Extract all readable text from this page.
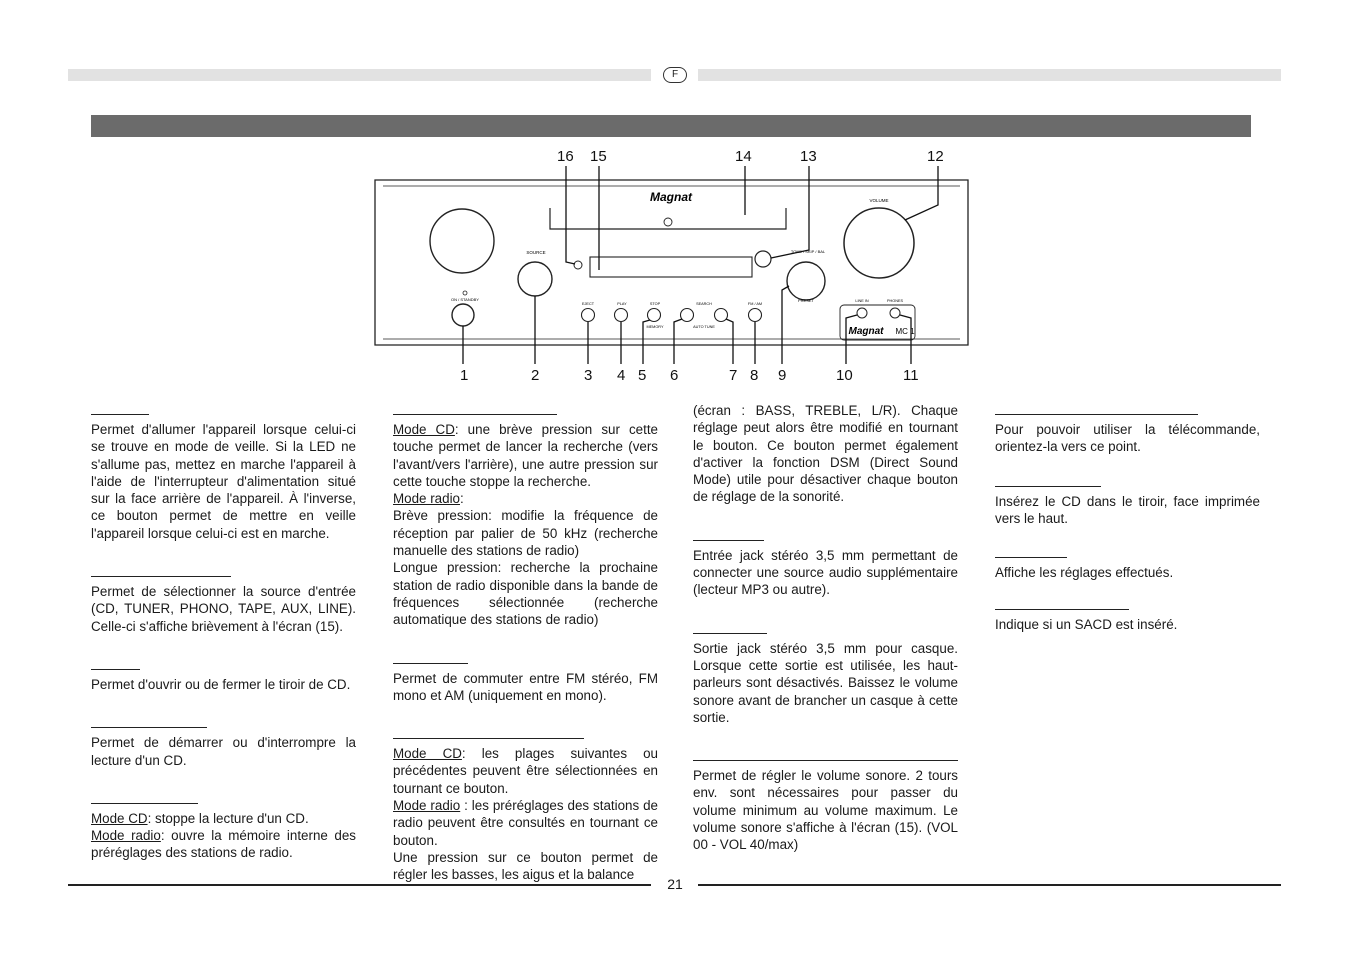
F
16 15	14	13	12
1	2	3 4 5 6	7 8 9	10	11
ON / STANDBY
SOURCE
Magnat
TONE / SKIP / BAL
PRESET
VOLUME
EJECT	PLAY	STOP
MEMORY
SEARCH
AUTO TUNE
FM / AM
LINE IN	PHONES
Magnat MC 1

Permet d'allumer l'appareil lorsque celui-ci se trouve en mode de veille. Si la LED ne s'allume pas, mettez en marche l'appareil à l'aide de l'interrupteur d'alimentation situé sur la face arrière de l'appareil. À l'inverse, ce bouton permet de mettre en veille l'appareil lorsque celui-ci est en marche.

Permet de sélectionner la source d'entrée (CD, TUNER, PHONO, TAPE, AUX, LINE). Celle-ci s'affiche brièvement à l'écran (15).

Permet d'ouvrir ou de fermer le tiroir de CD.

Permet de démarrer ou d'interrompre la lecture d'un CD.

Mode CD: stoppe la lecture d'un CD.

Mode radio: ouvre la mémoire interne des préréglages des stations de radio.

Mode CD: une brève pression sur cette touche permet de lancer la recherche (vers l'avant/vers l'arrière), une autre pression sur cette touche stoppe la recherche.

Mode radio:

Brève pression: modifie la fréquence de réception par palier de 50 kHz (recherche manuelle des stations de radio)

Longue pression: recherche la prochaine station de radio disponible dans la bande de fréquences sélectionnée (recherche automatique des stations de radio)

Permet de commuter entre FM stéréo, FM mono et AM (uniquement en mono).

Mode CD: les plages suivantes ou précédentes peuvent être sélectionnées en tournant ce bouton.

Mode radio : les préréglages des stations de radio peuvent être consultés en tournant ce bouton.

Une pression sur ce bouton permet de régler les basses, les aigus et la balance

(écran : BASS, TREBLE, L/R). Chaque réglage peut alors être modifié en tournant le bouton. Ce bouton permet également d'activer la fonction DSM (Direct Sound Mode) utile pour désactiver chaque bouton de réglage de la sonorité.

Entrée jack stéréo 3,5 mm permettant de connecter une source audio supplémentaire (lecteur MP3 ou autre).

Sortie jack stéréo 3,5 mm pour casque. Lorsque cette sortie est utilisée, les haut-parleurs sont désactivés. Baissez le volume sonore avant de brancher un casque à cette sortie.

Permet de régler le volume sonore. 2 tours env. sont nécessaires pour passer du volume minimum au volume maximum. Le volume sonore s'affiche à l'écran (15). (VOL 00 - VOL 40/max)

Pour pouvoir utiliser la télécommande, orientez-la vers ce point.

Insérez le CD dans le tiroir, face imprimée vers le haut.

Affiche les réglages effectués.

Indique si un SACD est inséré.

21
